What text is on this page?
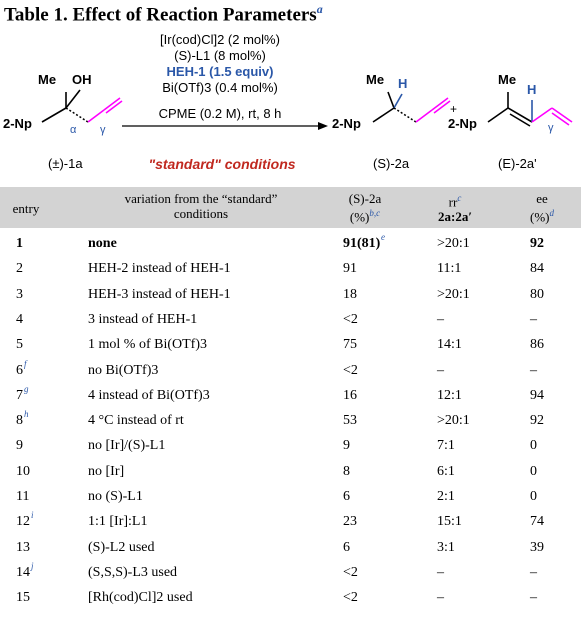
Table 1. Effect of Reaction Parameters$^a$
[Ir(cod)Cl]2 (2 mol%)
(S)-L1 (8 mol%)
HEH-1 (1.5 equiv)
Bi(OTf)3 (0.4 mol%)
CPME (0.2 M), rt, 8 h
"standard" conditions
Me OH
2-Np	α γ
(±)-1a
Me H
2-Np
(S)-2a
+
Me
H
2-Np	γ
(E)-2a'
entry
variation from the “standard”
conditions
(S)-2a
(%)$^{b,c}$
$rr^c$
2a:2a′
ee
(%)$^d$
1	none	91(81) e	>20:1	92
2	HEH-2 instead of HEH-1	91	11:1	84
3	HEH-3 instead of HEH-1	18	>20:1	80
4	3 instead of HEH-1	<2	–	–
5	1 mol % of Bi(OTf)3	75	14:1	86
6 f	no Bi(OTf)3	<2	–	–
7 g	4 instead of Bi(OTf)3	16	12:1	94
8 h	4 °C instead of rt	53	>20:1	92
9	no [Ir]/(S)-L1	9	7:1	0
10	no [Ir]	8	6:1	0
11	no (S)-L1	6	2:1	0
12 i	1:1 [Ir]:L1	23	15:1	74
13	(S)-L2 used	6	3:1	39
14 j	(S,S,S)-L3 used	<2	–	–
15	[Rh(cod)Cl]2 used	<2	–	–
